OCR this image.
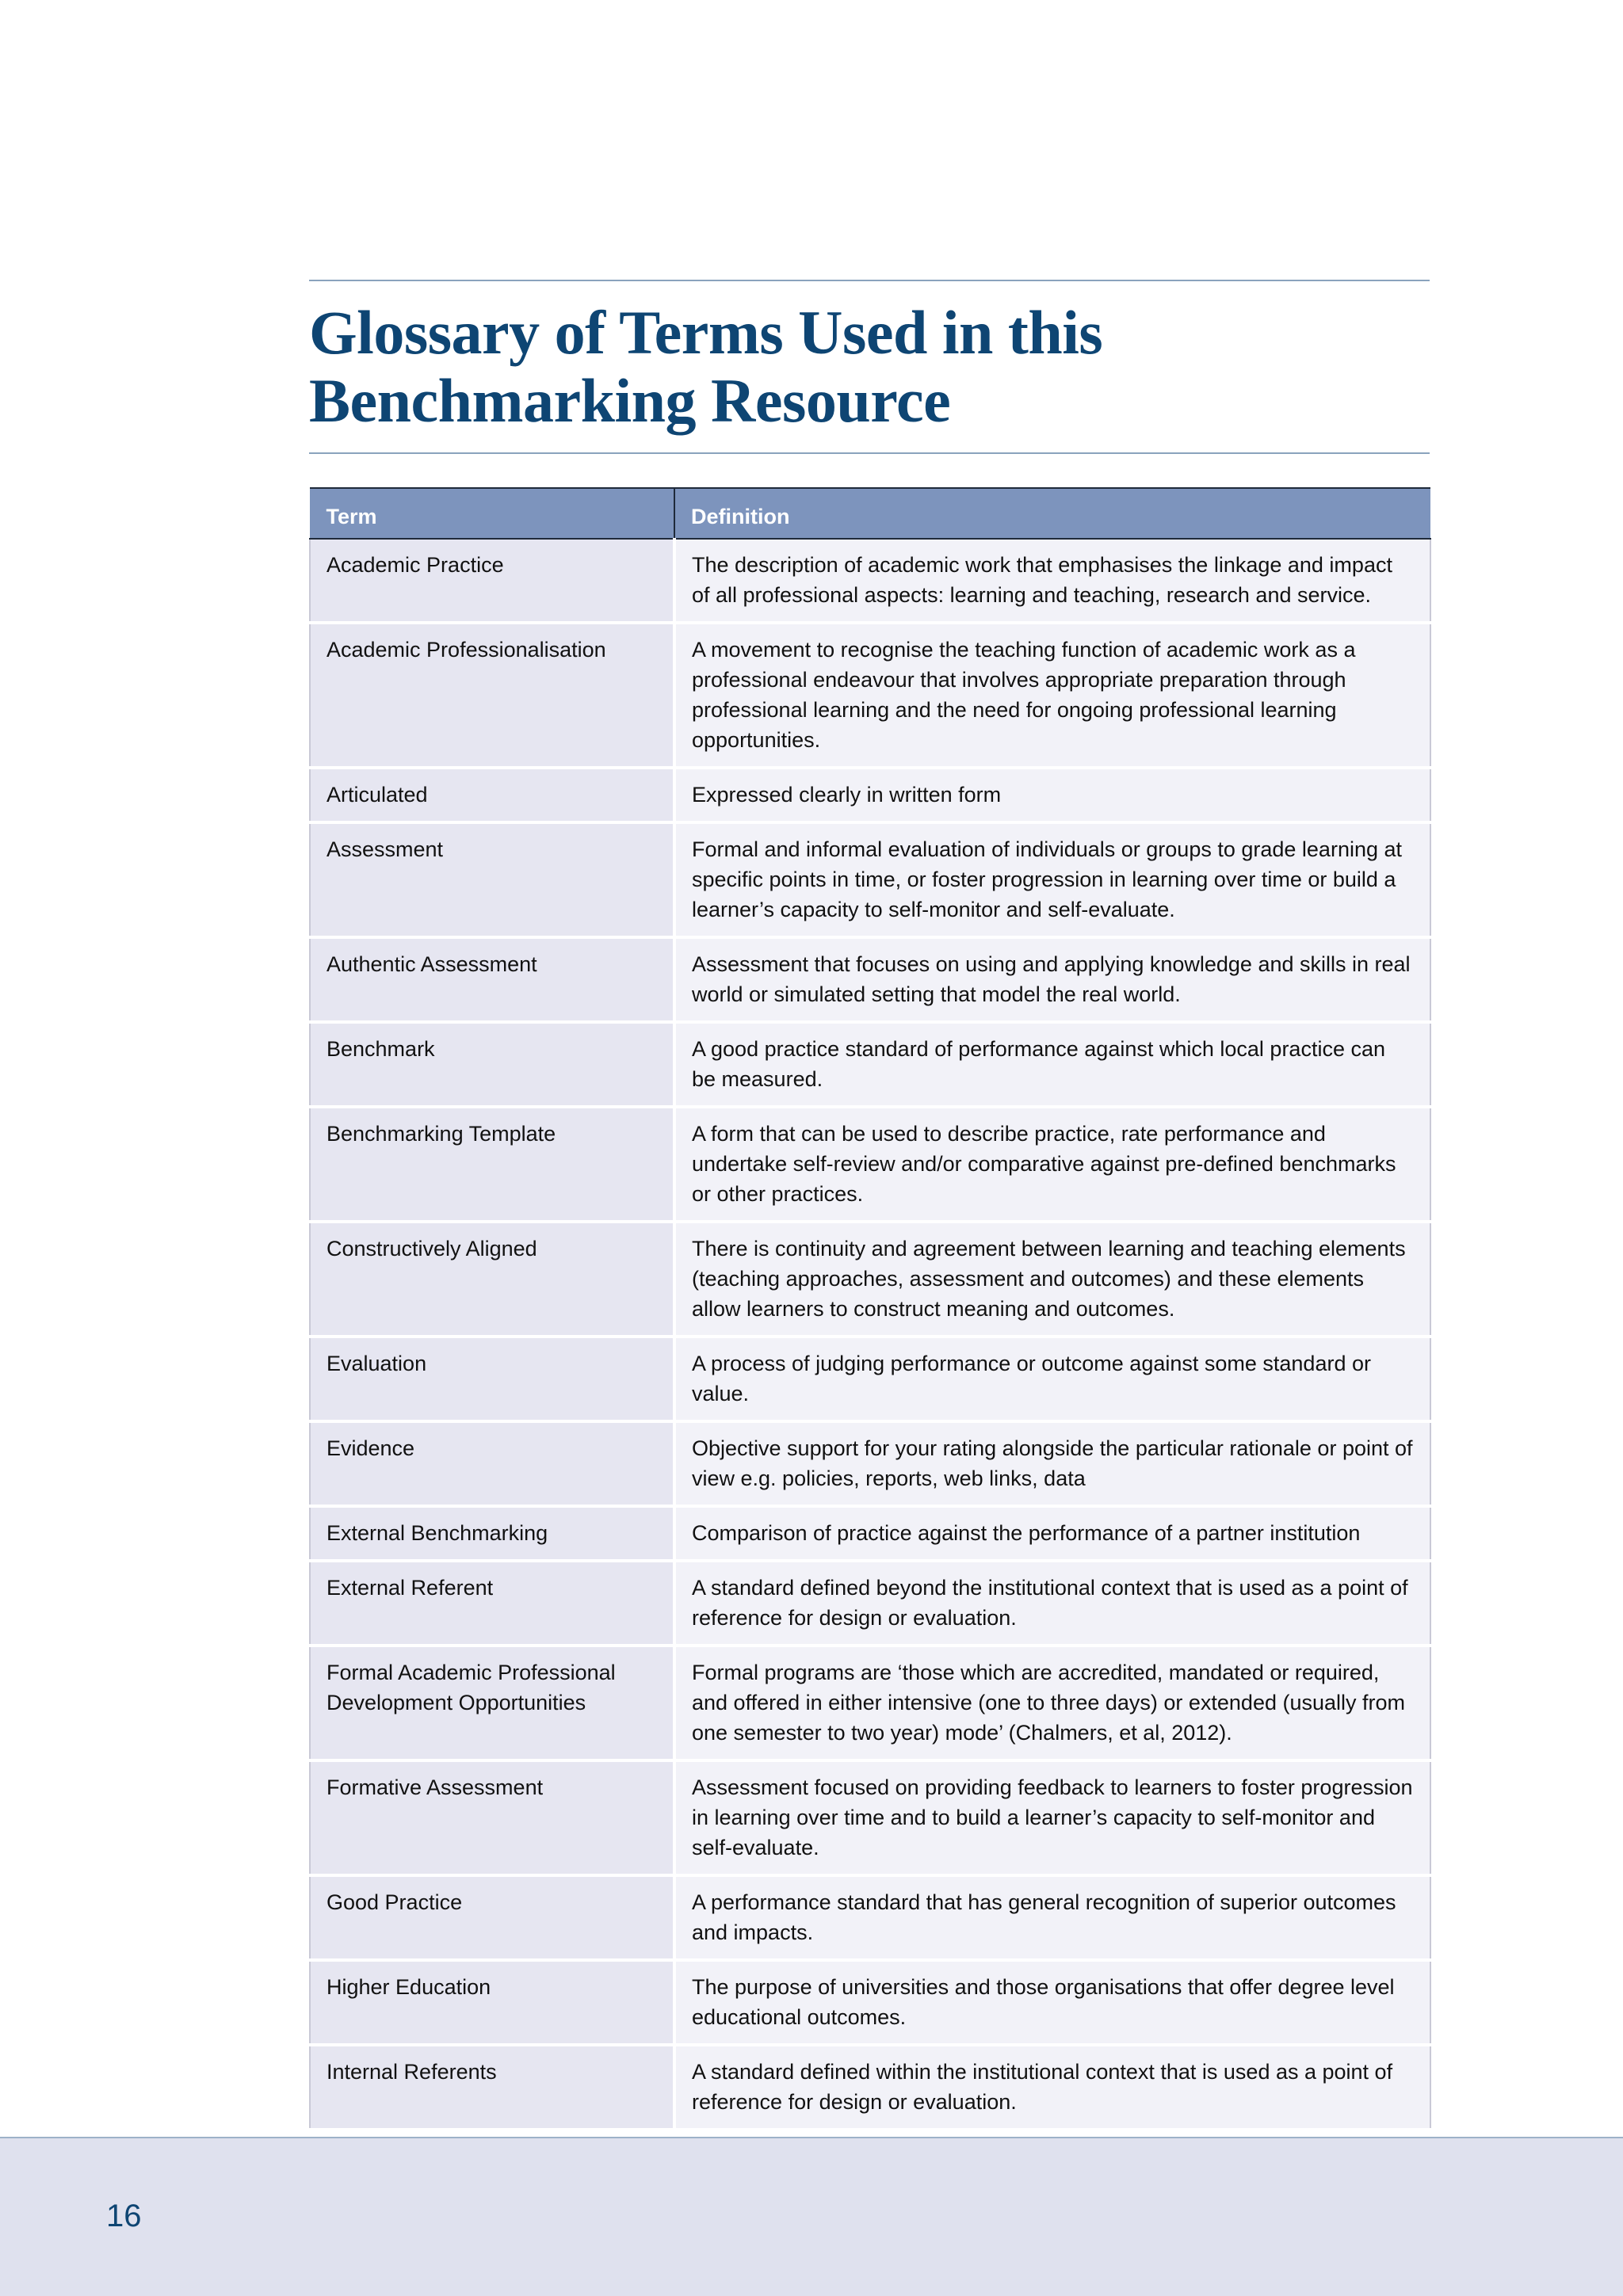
Glossary of Terms Used in this Benchmarking Resource
Term	Definition
Academic Practice	The description of academic work that emphasises the linkage and impact of all professional aspects: learning and teaching, research and service.
Academic Professionalisation	A movement to recognise the teaching function of academic work as a professional endeavour that involves appropriate preparation through professional learning and the need for ongoing professional learning opportunities.
Articulated	Expressed clearly in written form
Assessment	Formal and informal evaluation of individuals or groups to grade learning at specific points in time, or foster progression in learning over time or build a learner’s capacity to self-monitor and self-evaluate.
Authentic Assessment	Assessment that focuses on using and applying knowledge and skills in real world or simulated setting that model the real world.
Benchmark	A good practice standard of performance against which local practice can be measured.
Benchmarking Template	A form that can be used to describe practice, rate performance and undertake self-review and/or comparative against pre-defined benchmarks or other practices.
Constructively Aligned	There is continuity and agreement between learning and teaching elements (teaching approaches, assessment and outcomes) and these elements allow learners to construct meaning and outcomes.
Evaluation	A process of judging performance or outcome against some standard or value.
Evidence	Objective support for your rating alongside the particular rationale or point of view e.g. policies, reports, web links, data
External Benchmarking	Comparison of practice against the performance of a partner institution
External Referent	A standard defined beyond the institutional context that is used as a point of reference for design or evaluation.
Formal Academic Professional Development Opportunities	Formal programs are ‘those which are accredited, mandated or required, and offered in either intensive (one to three days) or extended (usually from one semester to two year) mode’ (Chalmers, et al, 2012).
Formative Assessment	Assessment focused on providing feedback to learners to foster progression in learning over time and to build a learner’s capacity to self-monitor and self-evaluate.
Good Practice	A performance standard that has general recognition of superior outcomes and impacts.
Higher Education	The purpose of universities and those organisations that offer degree level educational outcomes.
Internal Referents	A standard defined within the institutional context that is used as a point of reference for design or evaluation.
16
